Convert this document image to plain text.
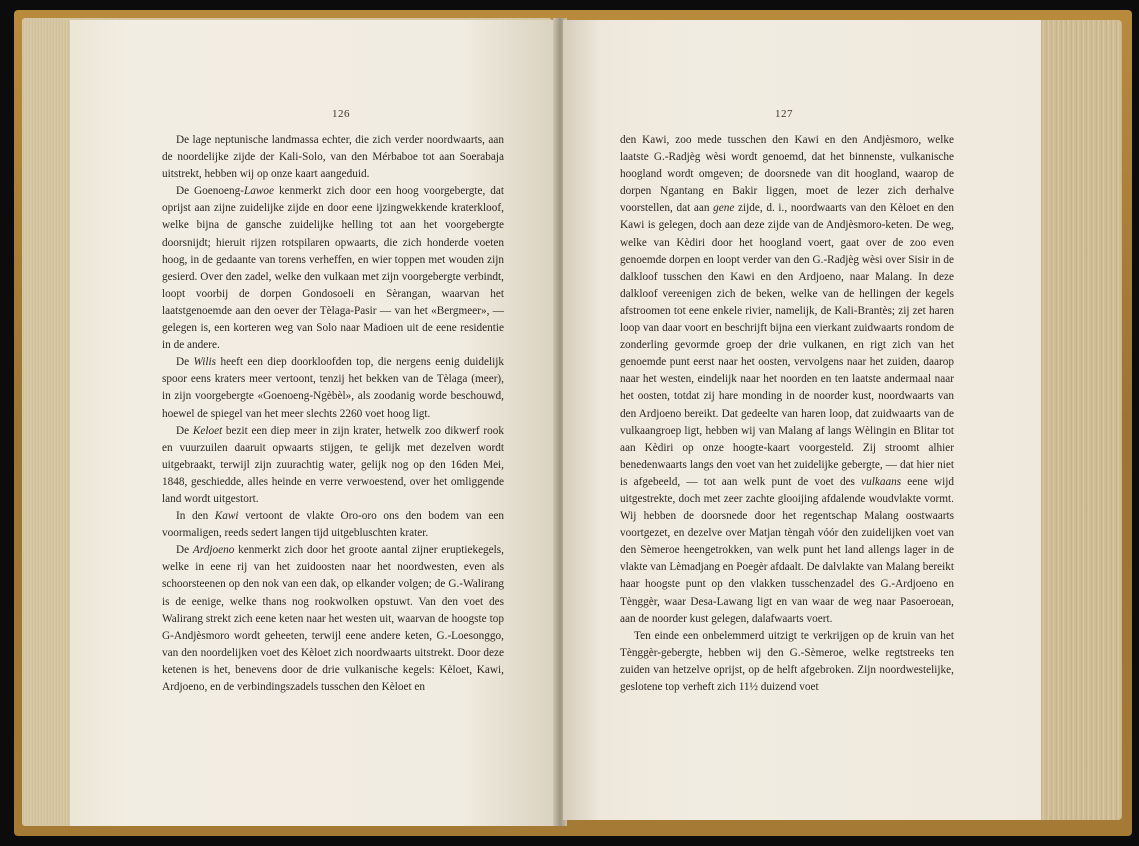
126

De lage neptunische landmassa echter, die zich verder noordwaarts, aan de noordelijke zijde der Kali-Solo, van den Mérbaboe tot aan Soerabaja uitstrekt, hebben wij op onze kaart aangeduid.

De Goenoeng-Lawoe kenmerkt zich door een hoog voorgebergte, dat oprijst aan zijne zuidelijke zijde en door eene ijzingwekkende kraterkloof, welke bijna de gansche zuidelijke helling tot aan het voorgebergte doorsnijdt; hieruit rijzen rotspilaren opwaarts, die zich honderde voeten hoog, in de gedaante van torens verheffen, en wier toppen met wouden zijn gesierd. Over den zadel, welke den vulkaan met zijn voorgebergte verbindt, loopt voorbij de dorpen Gondosoeli en Sèrangan, waarvan het laatstgenoemde aan den oever der Tèlaga-Pasir — van het «Bergmeer», — gelegen is, een korteren weg van Solo naar Madioen uit de eene residentie in de andere.

De Wilis heeft een diep doorkloofden top, die nergens eenig duidelijk spoor eens kraters meer vertoont, tenzij het bekken van de Tèlaga (meer), in zijn voorgebergte «Goenoeng-Ngèbèl», als zoodanig worde beschouwd, hoewel de spiegel van het meer slechts 2260 voet hoog ligt.

De Keloet bezit een diep meer in zijn krater, hetwelk zoo dikwerf rook en vuurzuilen daaruit opwaarts stijgen, te gelijk met dezelven wordt uitgebraakt, terwijl zijn zuurachtig water, gelijk nog op den 16den Mei, 1848, geschiedde, alles heinde en verre verwoestend, over het omliggende land wordt uitgestort.

In den Kawi vertoont de vlakte Oro-oro ons den bodem van een voormaligen, reeds sedert langen tijd uitgebluschten krater.

De Ardjoeno kenmerkt zich door het groote aantal zijner eruptiekegels, welke in eene rij van het zuidoosten naar het noordwesten, even als schoorsteenen op den nok van een dak, op elkander volgen; de G.-Walirang is de eenige, welke thans nog rookwolken opstuwt. Van den voet des Walirang strekt zich eene keten naar het westen uit, waarvan de hoogste top G-Andjèsmoro wordt geheeten, terwijl eene andere keten, G.-Loesonggo, van den noordelijken voet des Kèloet zich noordwaarts uitstrekt. Door deze ketenen is het, benevens door de drie vulkanische kegels: Kèloet, Kawi, Ardjoeno, en de verbindingszadels tusschen den Kèloet en

127

den Kawi, zoo mede tusschen den Kawi en den Andjèsmoro, welke laatste G.-Radjèg wèsi wordt genoemd, dat het binnenste, vulkanische hoogland wordt omgeven; de doorsnede van dit hoogland, waarop de dorpen Ngantang en Bakir liggen, moet de lezer zich derhalve voorstellen, dat aan gene zijde, d. i., noordwaarts van den Kèloet en den Kawi is gelegen, doch aan deze zijde van de Andjèsmoro-keten. De weg, welke van Kèdiri door het hoogland voert, gaat over de zoo even genoemde dorpen en loopt verder van den G.-Radjèg wèsi over Sisir in de dalkloof tusschen den Kawi en den Ardjoeno, naar Malang. In deze dalkloof vereenigen zich de beken, welke van de hellingen der kegels afstroomen tot eene enkele rivier, namelijk, de Kali-Brantès; zij zet haren loop van daar voort en beschrijft bijna een vierkant zuidwaarts rondom de zonderling gevormde groep der drie vulkanen, en rigt zich van het genoemde punt eerst naar het oosten, vervolgens naar het zuiden, daarop naar het westen, eindelijk naar het noorden en ten laatste andermaal naar het oosten, totdat zij hare monding in de noorder kust, noordwaarts van den Ardjoeno bereikt. Dat gedeelte van haren loop, dat zuidwaarts van de vulkaangroep ligt, hebben wij van Malang af langs Wèlingin en Blitar tot aan Kèdiri op onze hoogte-kaart voorgesteld. Zij stroomt alhier benedenwaarts langs den voet van het zuidelijke gebergte, — dat hier niet is afgebeeld, — tot aan welk punt de voet des vulkaans eene wijd uitgestrekte, doch met zeer zachte glooijing afdalende woudvlakte vormt. Wij hebben de doorsnede door het regentschap Malang oostwaarts voortgezet, en dezelve over Matjan tèngah vóór den zuidelijken voet van den Sèmeroe heengetrokken, van welk punt het land allengs lager in de vlakte van Lèmadjang en Poegèr afdaalt. De dalvlakte van Malang bereikt haar hoogste punt op den vlakken tusschenzadel des G.-Ardjoeno en Tènggèr, waar Desa-Lawang ligt en van waar de weg naar Pasoeroean, aan de noorder kust gelegen, dalafwaarts voert.

Ten einde een onbelemmerd uitzigt te verkrijgen op de kruin van het Tènggèr-gebergte, hebben wij den G.-Sèmeroe, welke regtstreeks ten zuiden van hetzelve oprijst, op de helft afgebroken. Zijn noordwestelijke, geslotene top verheft zich 11½ duizend voet
